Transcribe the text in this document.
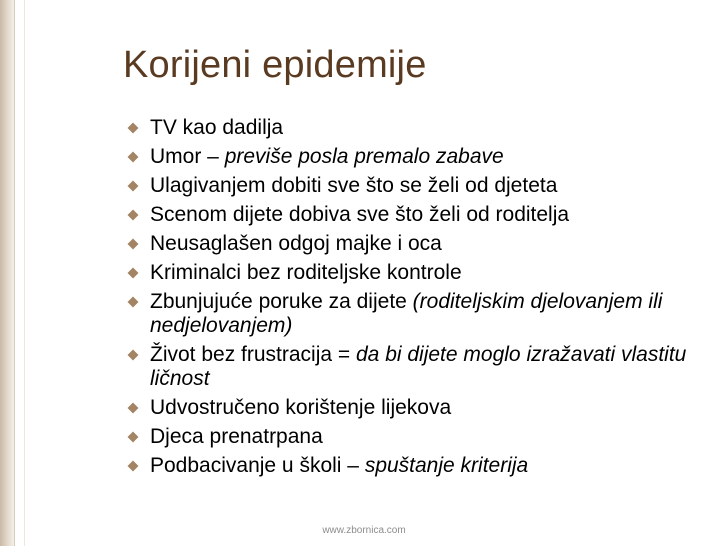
Korijeni epidemije
TV kao dadilja
Umor – previše posla premalo zabave
Ulagivanjem dobiti sve što se želi od djeteta
Scenom dijete dobiva sve što želi od roditelja
Neusaglašen odgoj majke i oca
Kriminalci bez roditeljske kontrole
Zbunjujuće poruke za dijete (roditeljskim djelovanjem ili nedjelovanjem)
Život bez frustracija = da bi dijete moglo izražavati vlastitu ličnost
Udvostručeno korištenje lijekova
Djeca prenatrpana
Podbacivanje u školi – spuštanje kriterija
www.zbornica.com
